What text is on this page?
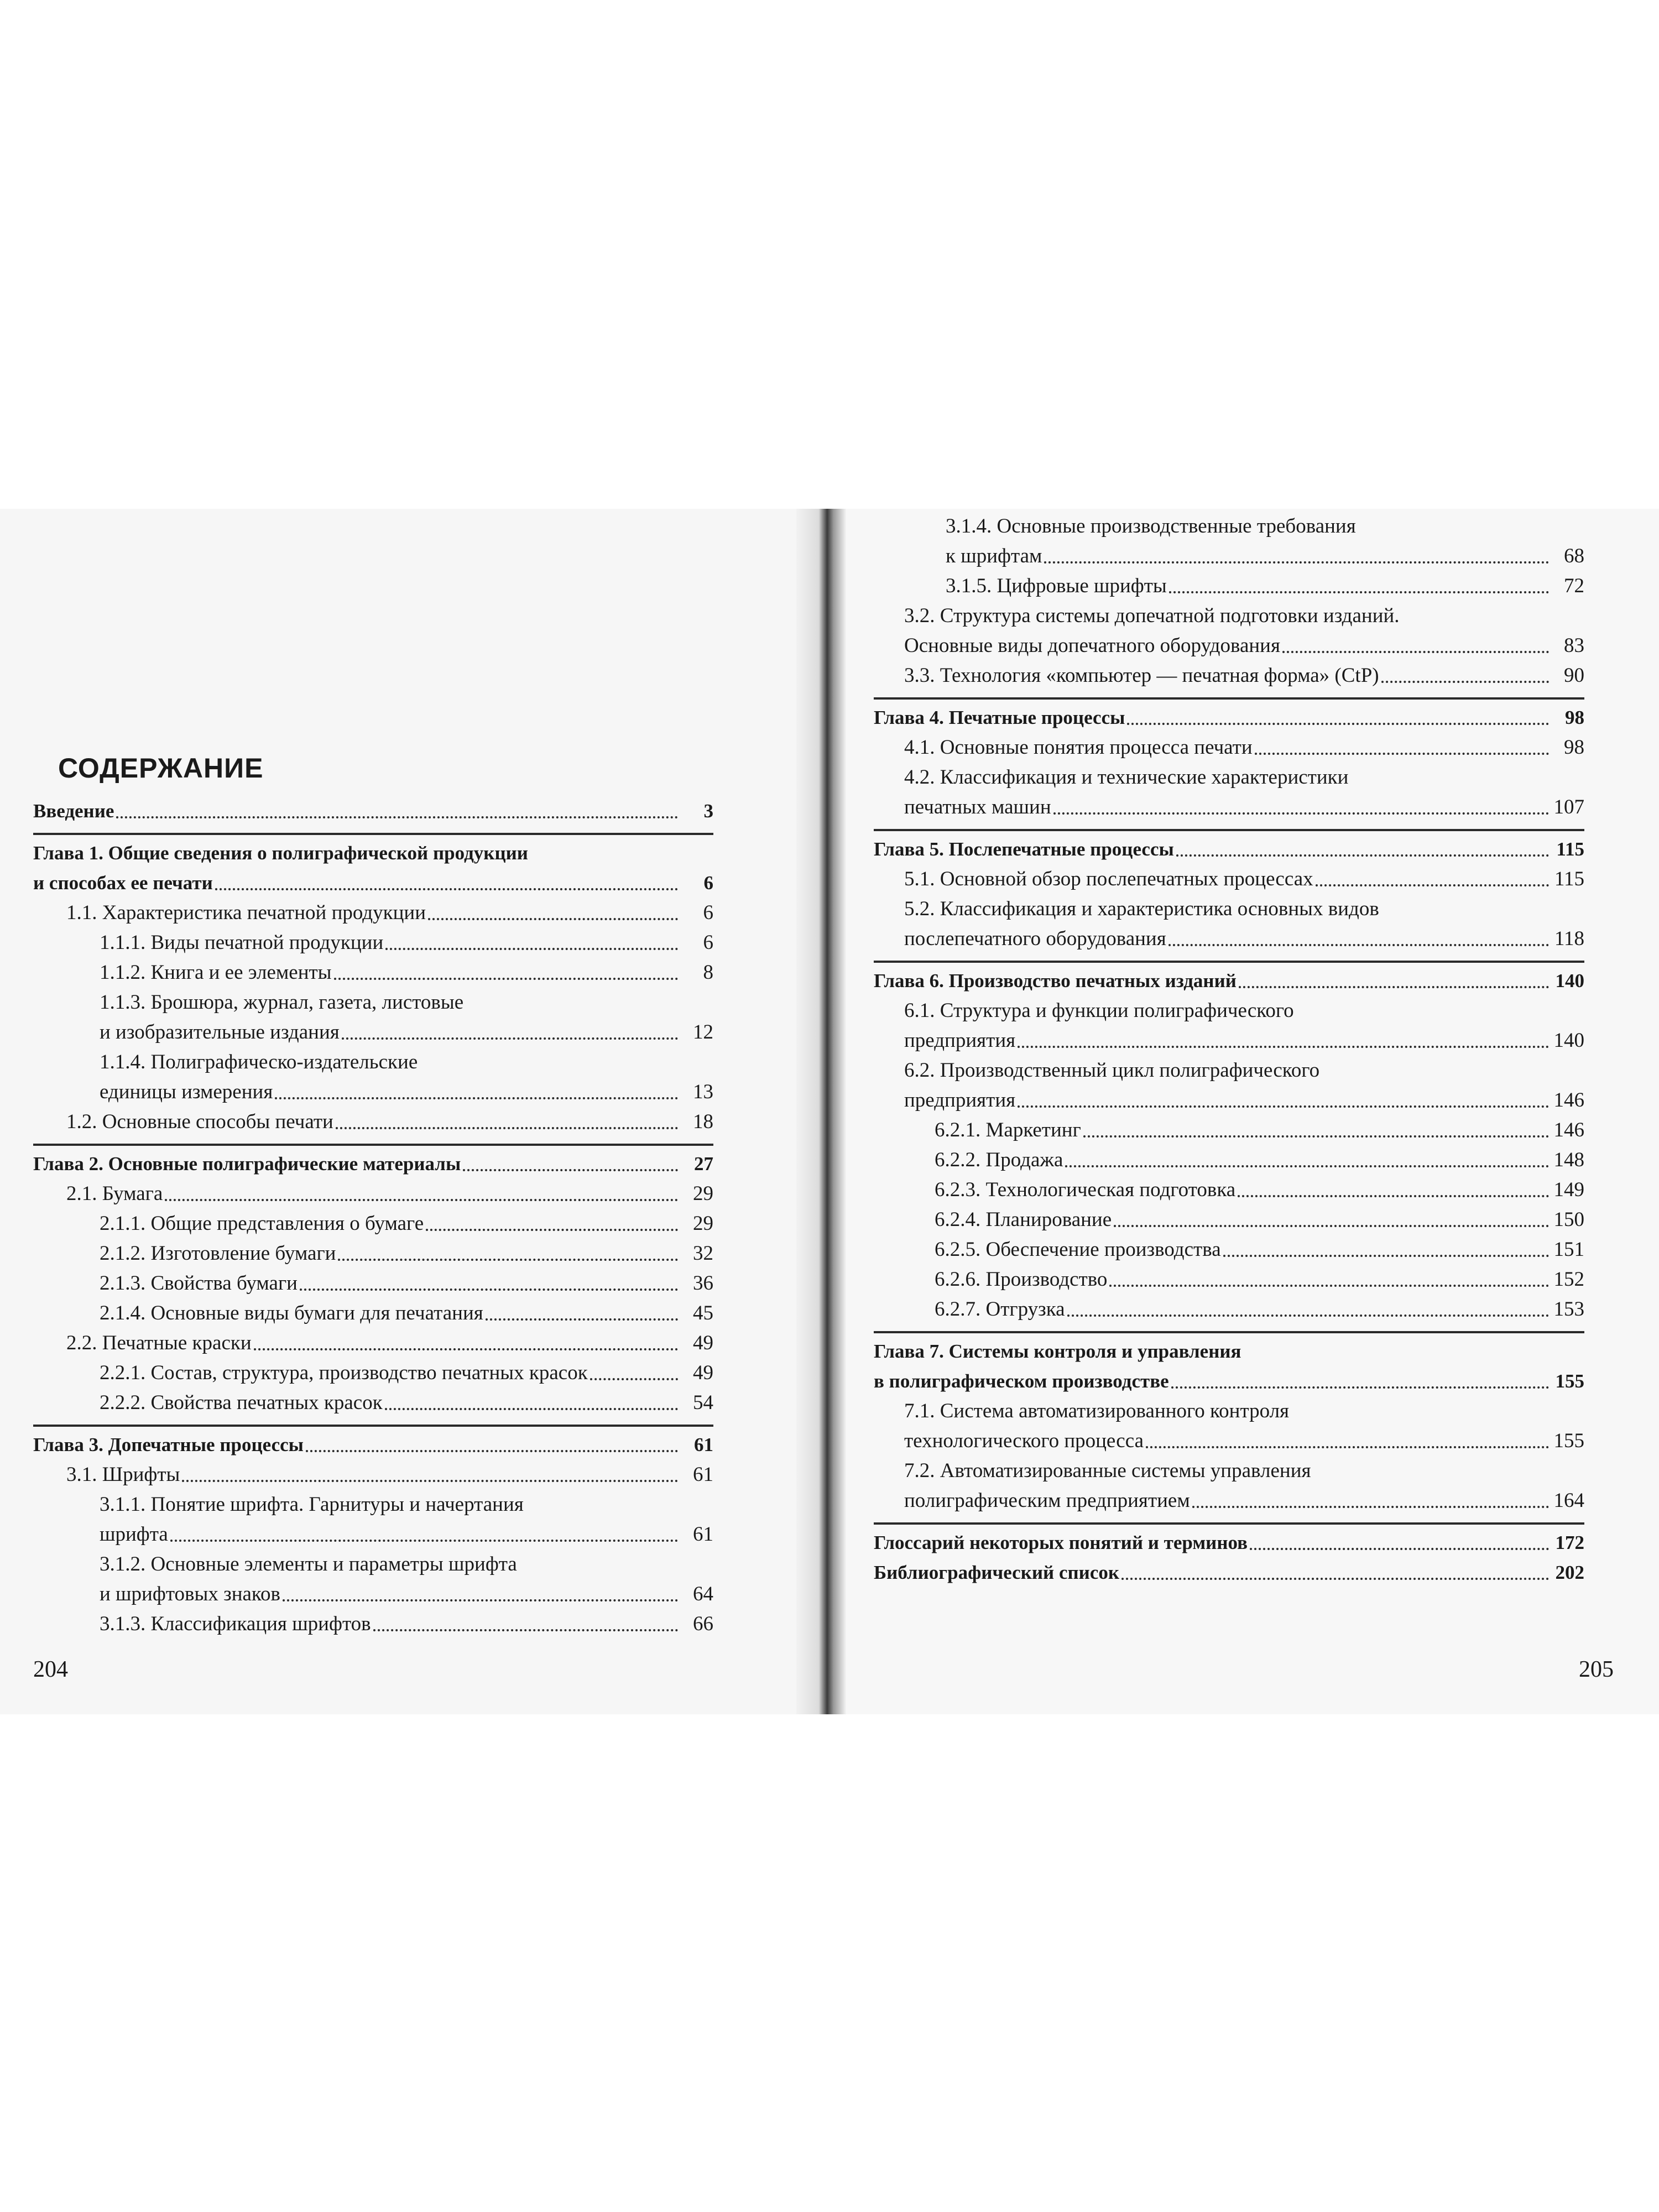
СОДЕРЖАНИЕ
Введение	3
Глава 1. Общие сведения о полиграфической продукции
и способах ее печати	6
1.1. Характеристика печатной продукции	6
1.1.1. Виды печатной продукции	6
1.1.2. Книга и ее элементы	8
1.1.3. Брошюра, журнал, газета, листовые
и изобразительные издания	12
1.1.4. Полиграфическо-издательские
единицы измерения	13
1.2. Основные способы печати	18
Глава 2. Основные полиграфические материалы	27
2.1. Бумага	29
2.1.1. Общие представления о бумаге	29
2.1.2. Изготовление бумаги	32
2.1.3. Свойства бумаги	36
2.1.4. Основные виды бумаги для печатания	45
2.2. Печатные краски	49
2.2.1. Состав, структура, производство печатных красок	49
2.2.2. Свойства печатных красок	54
Глава 3. Допечатные процессы	61
3.1. Шрифты	61
3.1.1. Понятие шрифта. Гарнитуры и начертания
шрифта	61
3.1.2. Основные элементы и параметры шрифта
и шрифтовых знаков	64
3.1.3. Классификация шрифтов	66
3.1.4. Основные производственные требования
к шрифтам	68
3.1.5. Цифровые шрифты	72
3.2. Структура системы допечатной подготовки изданий.
Основные виды допечатного оборудования	83
3.3. Технология «компьютер — печатная форма» (CtP)	90
Глава 4. Печатные процессы	98
4.1. Основные понятия процесса печати	98
4.2. Классификация и технические характеристики
печатных машин	107
Глава 5. Послепечатные процессы	115
5.1. Основной обзор послепечатных процессах	115
5.2. Классификация и характеристика основных видов
послепечатного оборудования	118
Глава 6. Производство печатных изданий	140
6.1. Структура и функции полиграфического
предприятия	140
6.2. Производственный цикл полиграфического
предприятия	146
6.2.1. Маркетинг	146
6.2.2. Продажа	148
6.2.3. Технологическая подготовка	149
6.2.4. Планирование	150
6.2.5. Обеспечение производства	151
6.2.6. Производство	152
6.2.7. Отгрузка	153
Глава 7. Системы контроля и управления
в полиграфическом производстве	155
7.1. Система автоматизированного контроля
технологического процесса	155
7.2. Автоматизированные системы управления
полиграфическим предприятием	164
Глоссарий некоторых понятий и терминов	172
Библиографический список	202
204	205
